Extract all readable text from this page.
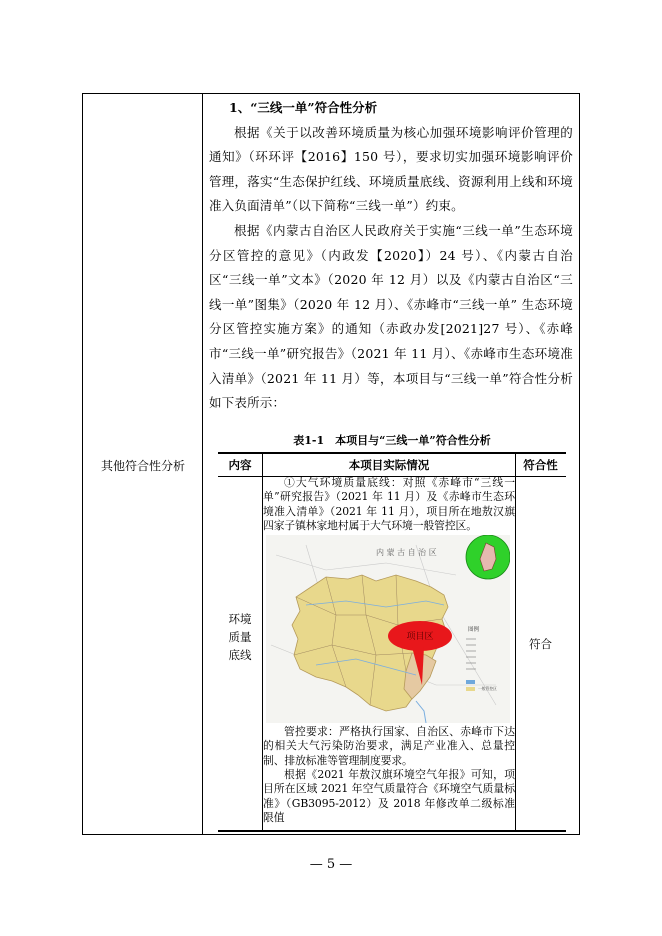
其他符合性分析
1、“三线一单”符合性分析

根据《关于以改善环境质量为核心加强环境影响评价管理的通知》（环环评【2016】150 号），要求切实加强环境影响评价管理，落实“生态保护红线、环境质量底线、资源利用上线和环境准入负面清单”（以下简称“三线一单”）约束。

根据《内蒙古自治区人民政府关于实施“三线一单”生态环境分区管控的意见》（内政发【2020】）24 号）、《内蒙古自治区“三线一单”文本》（2020 年 12 月）以及《内蒙古自治区“三线一单”图集》（2020 年 12 月）、《赤峰市“三线一单” 生态环境分区管控实施方案》的通知（赤政办发[2021]27 号）、《赤峰市“三线一单”研究报告》（2021 年 11 月）、《赤峰市生态环境准入清单》（2021 年 11 月）等，本项目与“三线一单”符合性分析如下表所示：

表1-1　本项目与“三线一单”符合性分析
内容	本项目实际情况	符合性
环境
质量
底线
符合

①大气环境质量底线：对照《赤峰市“三线一单”研究报告》（2021 年 11 月）及《赤峰市生态环境准入清单》（2021 年 11 月），项目所在地敖汉旗四家子镇林家地村属于大气环境一般管控区。

内 蒙 古 自 治 区
项目区
图例
一般管控区

管控要求：严格执行国家、自治区、赤峰市下达的相关大气污染防治要求，满足产业准入、总量控制、排放标准等管理制度要求。

根据《2021 年敖汉旗环境空气年报》可知，项目所在区域 2021 年空气质量符合《环境空气质量标准》（GB3095-2012）及 2018 年修改单二级标准限值

— 5 —
